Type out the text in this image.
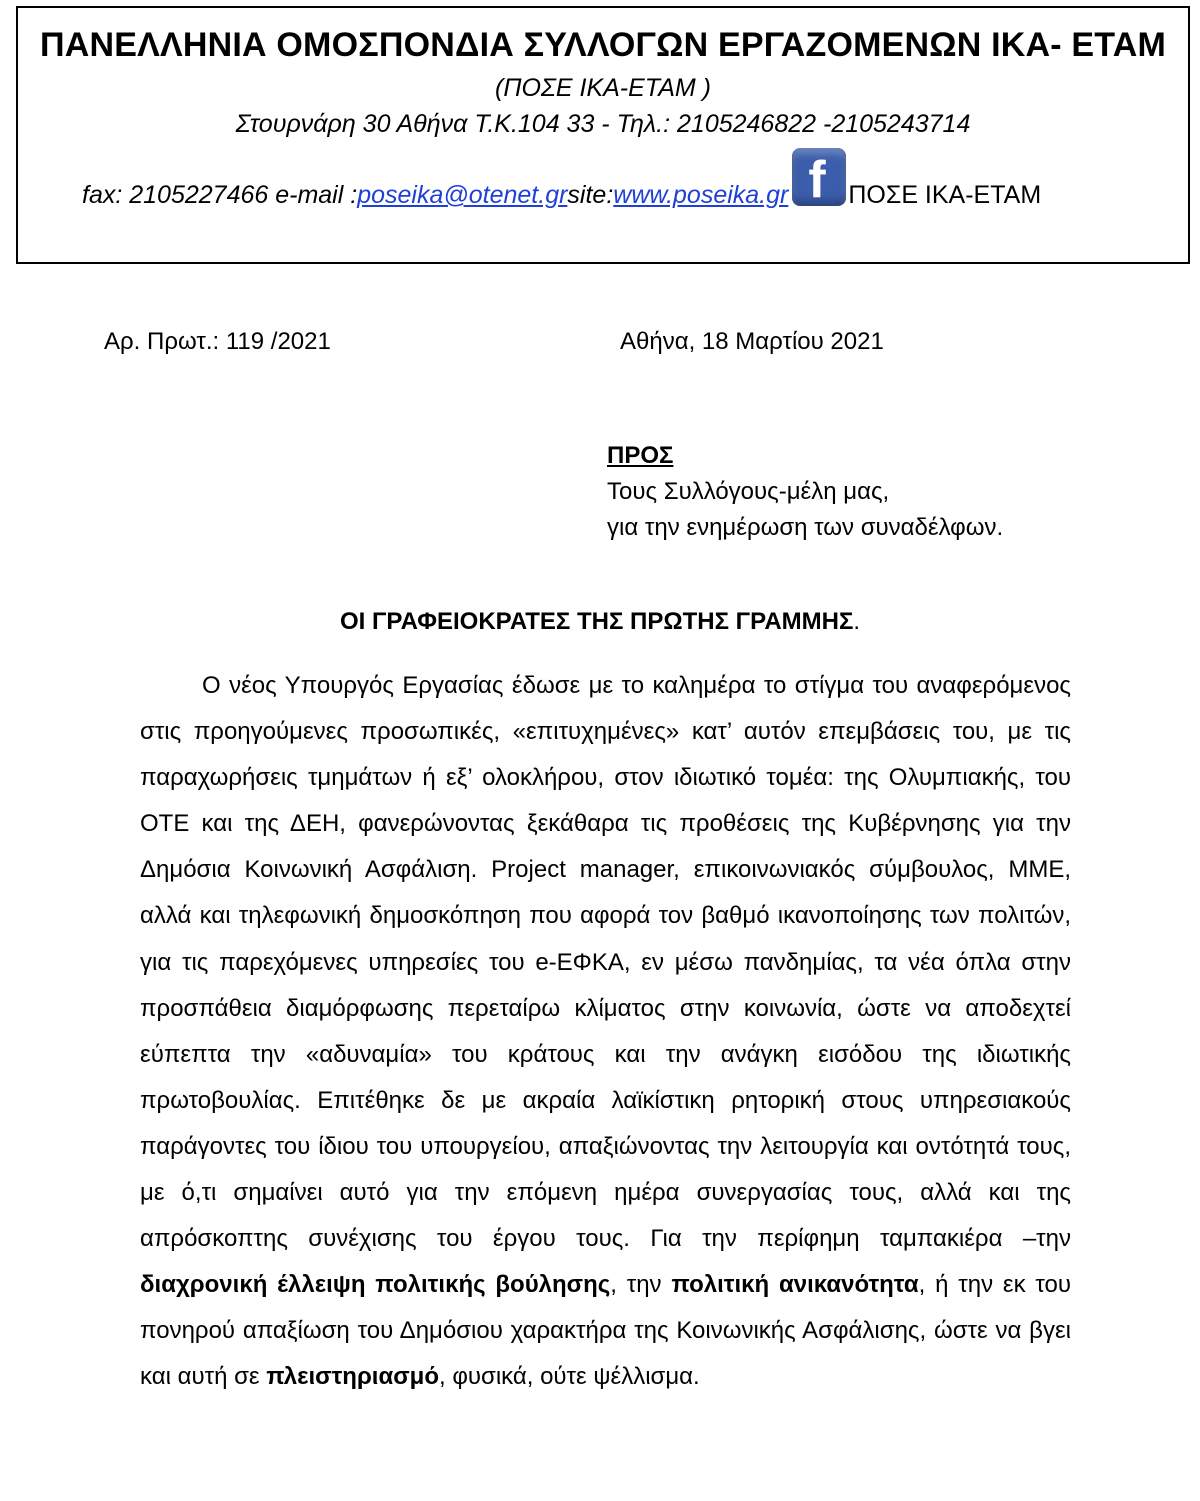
ΠΑΝΕΛΛΗΝΙΑ ΟΜΟΣΠΟΝΔΙΑ ΣΥΛΛΟΓΩΝ ΕΡΓΑΖΟΜΕΝΩΝ ΙΚΑ- ΕΤΑΜ
(ΠΟΣΕ ΙΚΑ-ΕΤΑΜ )
Στουρνάρη 30 Αθήνα Τ.Κ.104 33 - Τηλ.: 2105246822 -2105243714
fax: 2105227466 e-mail : poseika@otenet.gr site: www.poseika.gr f ΠΟΣΕ ΙΚΑ-ΕΤΑΜ
Αρ. Πρωτ.: 119 /2021	Αθήνα, 18 Μαρτίου 2021
ΠΡΟΣ
Τους Συλλόγους-μέλη μας,
για την ενημέρωση των συναδέλφων.
ΟΙ ΓΡΑΦΕΙΟΚΡΑΤΕΣ ΤΗΣ ΠΡΩΤΗΣ ΓΡΑΜΜΗΣ.
Ο νέος Υπουργός Εργασίας έδωσε με το καλημέρα το στίγμα του αναφερόμενος στις προηγούμενες προσωπικές, «επιτυχημένες» κατ’ αυτόν επεμβάσεις του, με τις παραχωρήσεις τμημάτων ή εξ’ ολοκλήρου, στον ιδιωτικό τομέα: της Ολυμπιακής, του ΟΤΕ και της ΔΕΗ, φανερώνοντας ξεκάθαρα τις προθέσεις της Κυβέρνησης για την Δημόσια Κοινωνική Ασφάλιση. Project manager, επικοινωνιακός σύμβουλος, ΜΜΕ, αλλά και τηλεφωνική δημοσκόπηση που αφορά τον βαθμό ικανοποίησης των πολιτών, για τις παρεχόμενες υπηρεσίες του e-ΕΦΚΑ, εν μέσω πανδημίας, τα νέα όπλα στην προσπάθεια διαμόρφωσης περεταίρω κλίματος στην κοινωνία, ώστε να αποδεχτεί εύπεπτα την «αδυναμία» του κράτους και την ανάγκη εισόδου της ιδιωτικής πρωτοβουλίας. Επιτέθηκε δε με ακραία λαϊκίστικη ρητορική στους υπηρεσιακούς παράγοντες του ίδιου του υπουργείου, απαξιώνοντας την λειτουργία και οντότητά τους, με ό,τι σημαίνει αυτό για την επόμενη ημέρα συνεργασίας τους, αλλά και της απρόσκοπτης συνέχισης του έργου τους. Για την περίφημη ταμπακιέρα –την διαχρονική έλλειψη πολιτικής βούλησης, την πολιτική ανικανότητα, ή την εκ του πονηρού απαξίωση του Δημόσιου χαρακτήρα της Κοινωνικής Ασφάλισης, ώστε να βγει και αυτή σε πλειστηριασμό, φυσικά, ούτε ψέλλισμα.
